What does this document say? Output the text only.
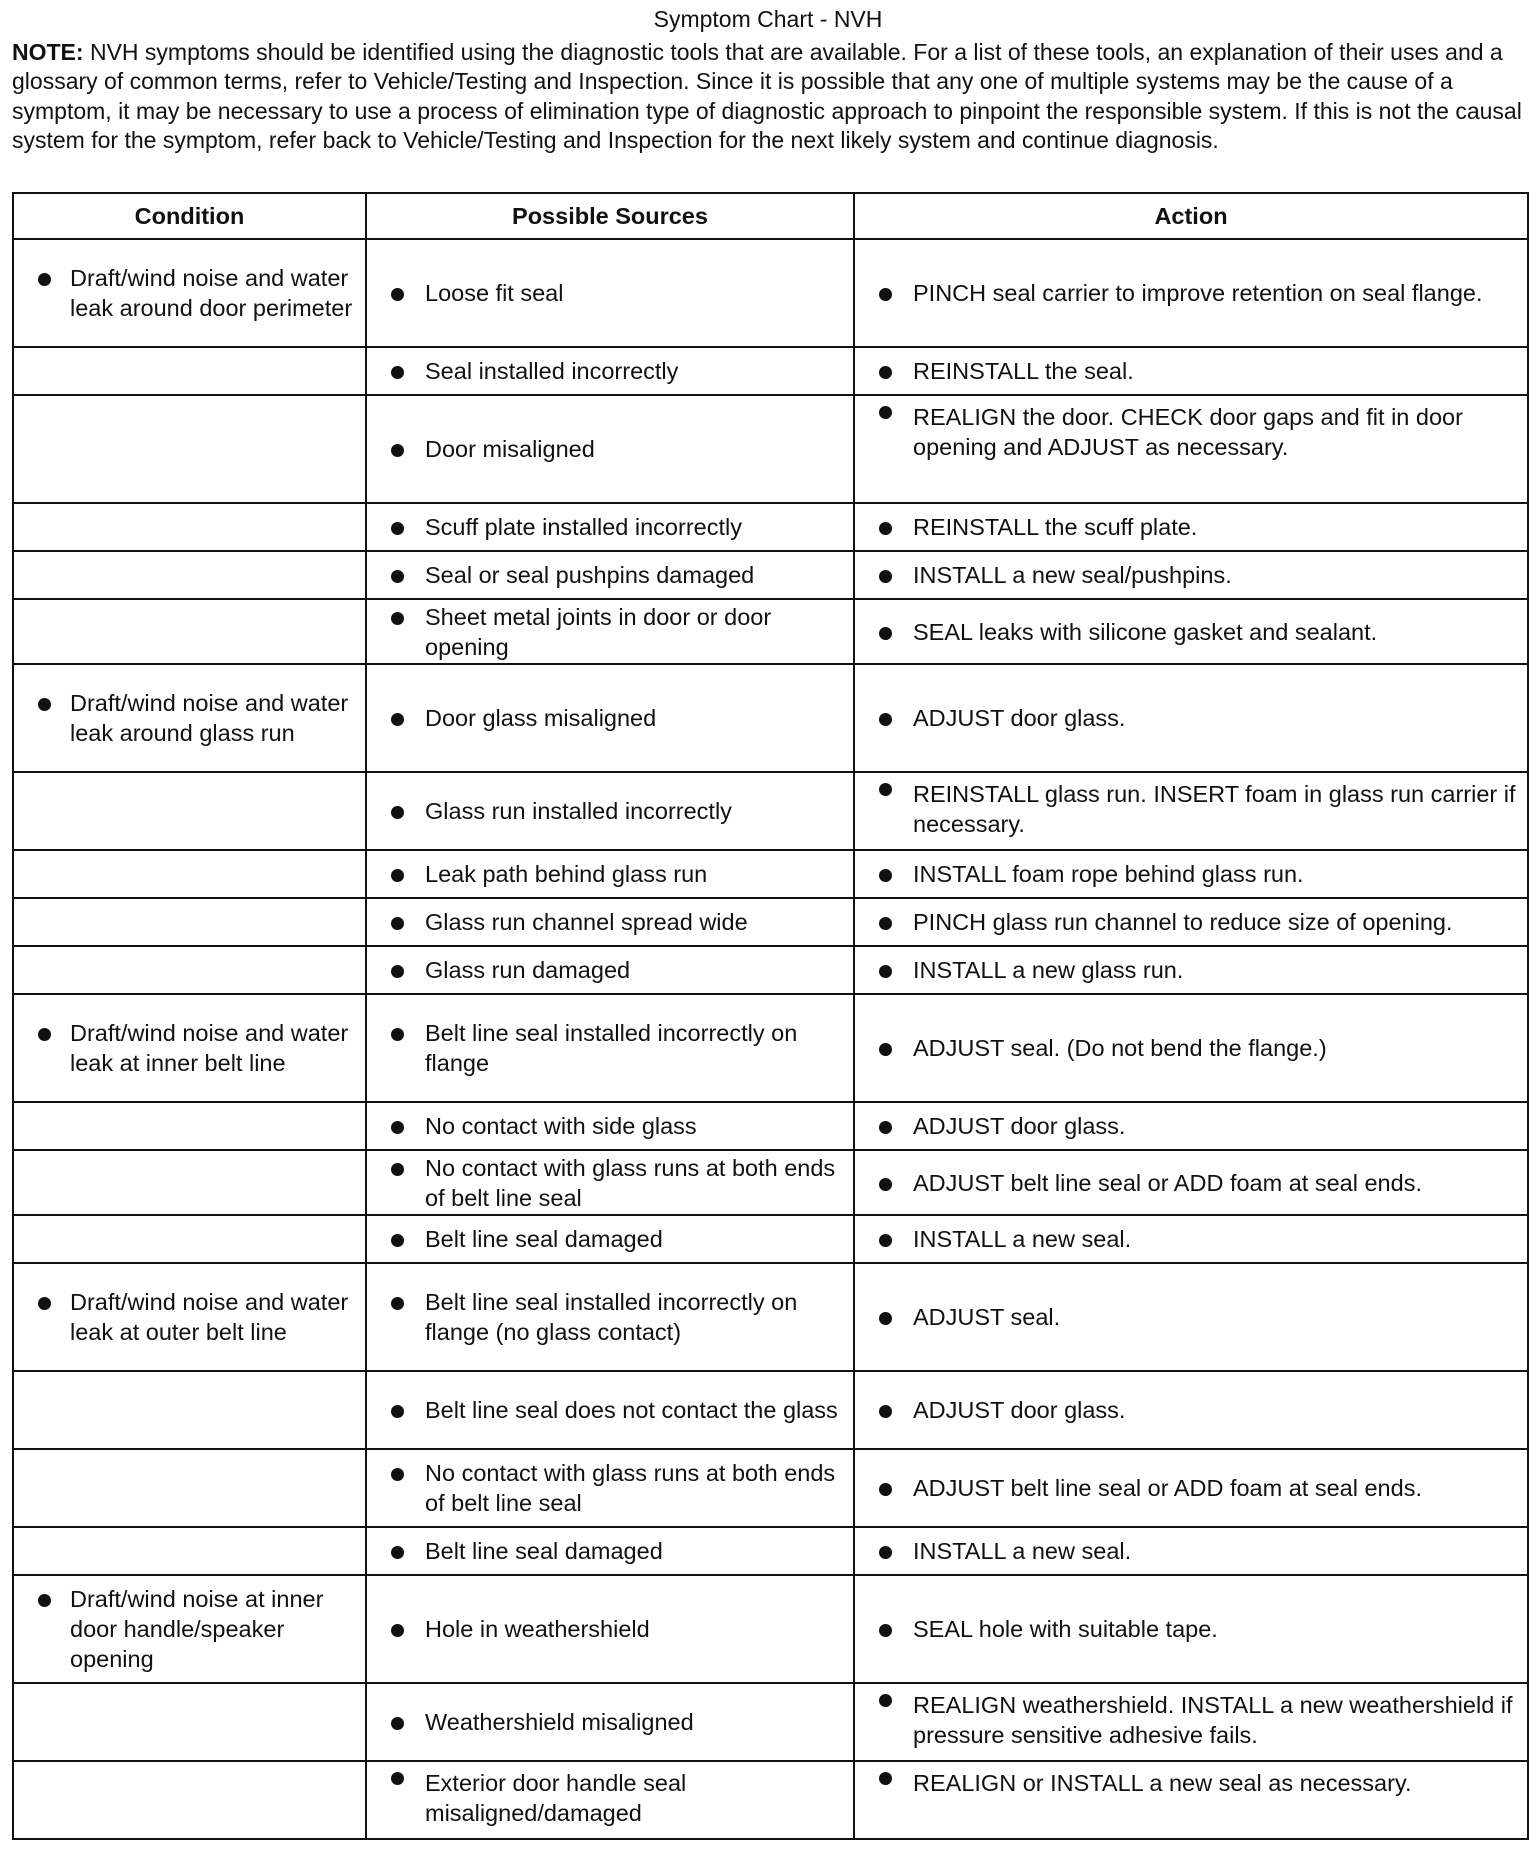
Symptom Chart - NVH
NOTE: NVH symptoms should be identified using the diagnostic tools that are available. For a list of these tools, an explanation of their uses and a glossary of common terms, refer to Vehicle/Testing and Inspection. Since it is possible that any one of multiple systems may be the cause of a symptom, it may be necessary to use a process of elimination type of diagnostic approach to pinpoint the responsible system. If this is not the causal system for the symptom, refer back to Vehicle/Testing and Inspection for the next likely system and continue diagnosis.
Condition	Possible Sources	Action

Draft/wind noise and water leak around door perimeter	Loose fit seal	PINCH seal carrier to improve retention on seal flange.

	Seal installed incorrectly	REINSTALL the seal.

	Door misaligned	REALIGN the door. CHECK door gaps and fit in door opening and ADJUST as necessary.

	Scuff plate installed incorrectly	REINSTALL the scuff plate.

	Seal or seal pushpins damaged	INSTALL a new seal/pushpins.

	Sheet metal joints in door or door opening	SEAL leaks with silicone gasket and sealant.

Draft/wind noise and water leak around glass run	Door glass misaligned	ADJUST door glass.

	Glass run installed incorrectly	REINSTALL glass run. INSERT foam in glass run carrier if necessary.

	Leak path behind glass run	INSTALL foam rope behind glass run.

	Glass run channel spread wide	PINCH glass run channel to reduce size of opening.

	Glass run damaged	INSTALL a new glass run.

Draft/wind noise and water leak at inner belt line	Belt line seal installed incorrectly on flange	ADJUST seal. (Do not bend the flange.)

	No contact with side glass	ADJUST door glass.

	No contact with glass runs at both ends of belt line seal	ADJUST belt line seal or ADD foam at seal ends.

	Belt line seal damaged	INSTALL a new seal.

Draft/wind noise and water leak at outer belt line	Belt line seal installed incorrectly on flange (no glass contact)	ADJUST seal.

	Belt line seal does not contact the glass	ADJUST door glass.

	No contact with glass runs at both ends of belt line seal	ADJUST belt line seal or ADD foam at seal ends.

	Belt line seal damaged	INSTALL a new seal.

Draft/wind noise at inner door handle/speaker opening	Hole in weathershield	SEAL hole with suitable tape.

	Weathershield misaligned	REALIGN weathershield. INSTALL a new weathershield if pressure sensitive adhesive fails.

	Exterior door handle seal misaligned/damaged	REALIGN or INSTALL a new seal as necessary.
